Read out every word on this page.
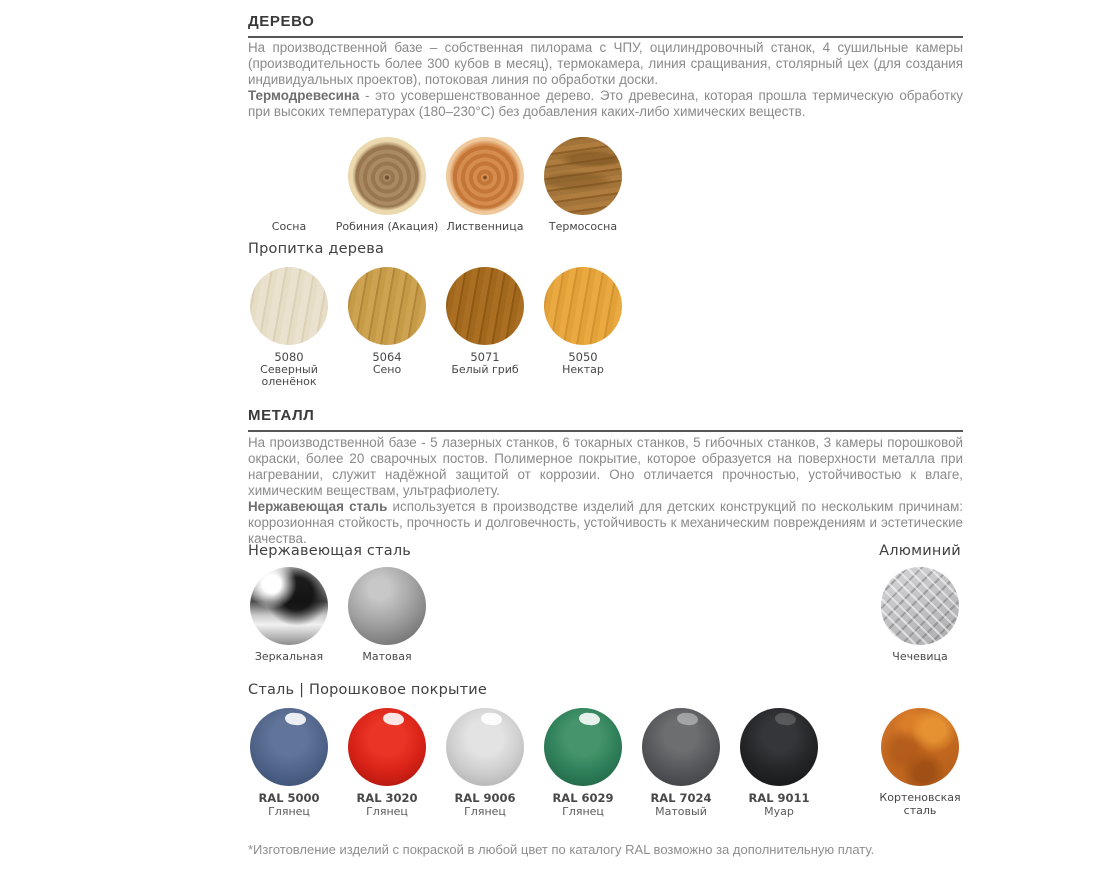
ДЕРЕВО

На производственной базе – собственная пилорама с ЧПУ, оцилиндровочный станок, 4 сушильные камеры (производительность более 300 кубов в месяц), термокамера, линия сращивания, столярный цех (для создания индивидуальных проектов), потоковая линия по обработки доски.

Термодревесина - это усовершенствованное дерево. Это древесина, которая прошла термическую обработку при высоких температурах (180–230°C) без добавления каких-либо химических веществ.

Сосна	Робиния (Акация) Лиственница Термососна
Пропитка дерева
5080
Северный оленёнок
5064
Сено
5071
Белый гриб
5050
Нектар
МЕТАЛЛ

На производственной базе - 5 лазерных станков, 6 токарных станков, 5 гибочных станков, 3 камеры порошковой окраски, более 20 сварочных постов. Полимерное покрытие, которое образуется на поверхности металла при нагревании, служит надёжной защитой от коррозии. Оно отличается прочностью, устойчивостью к влаге, химическим веществам, ультрафиолету.

Нержавеющая сталь используется в производстве изделий для детских конструкций по нескольким причинам: коррозионная стойкость, прочность и долговечность, устойчивость к механическим повреждениям и эстетические качества.

Нержавеющая сталь
Зеркальная	Матовая
Алюминий
Чечевица
Сталь | Порошковое покрытие
RAL 5000
Глянец
RAL 3020
Глянец
RAL 9006
Глянец
RAL 6029
Глянец
RAL 7024
Матовый
RAL 9011
Муар
Кортеновская сталь
*Изготовление изделий с покраской в любой цвет по каталогу RAL возможно за дополнительную плату.
